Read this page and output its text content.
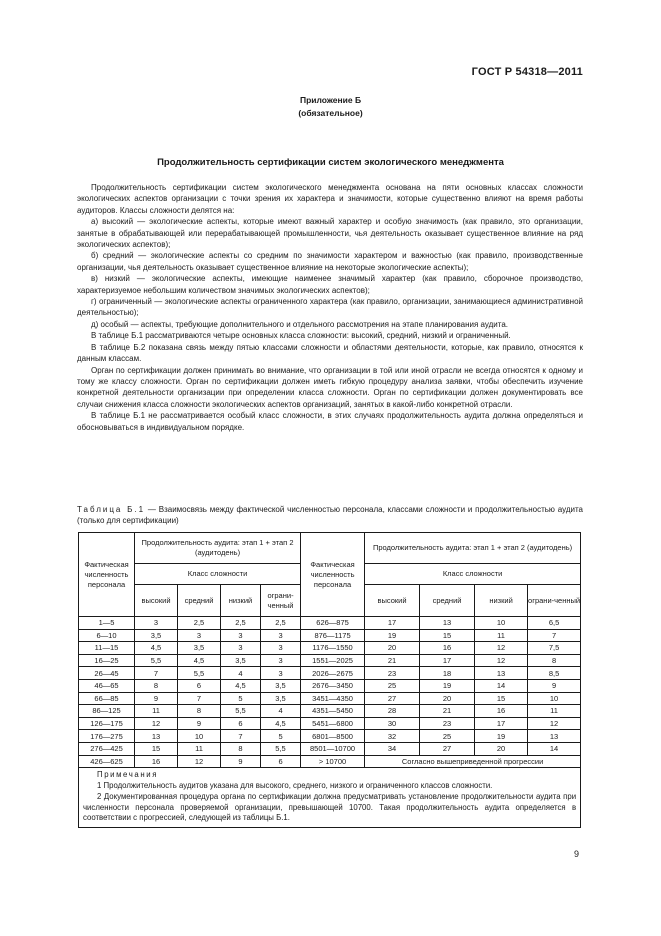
ГОСТ Р 54318—2011
Приложение Б
(обязательное)
Продолжительность сертификации систем экологического менеджмента

Продолжительность сертификации систем экологического менеджмента основана на пяти основных классах сложности экологических аспектов организации с точки зрения их характера и значимости, которые существенно влияют на время работы аудиторов. Классы сложности делятся на:

а) высокий — экологические аспекты, которые имеют важный характер и особую значимость (как правило, это организации, занятые в обрабатывающей или перерабатывающей промышленности, чья деятельность оказывает существенное влияние на ряд экологических аспектов);

б) средний — экологические аспекты со средним по значимости характером и важностью (как правило, производственные организации, чья деятельность оказывает существенное влияние на некоторые экологические аспекты);

в) низкий — экологические аспекты, имеющие наименее значимый характер (как правило, сборочное производство, характеризуемое небольшим количеством значимых экологических аспектов);

г) ограниченный — экологические аспекты ограниченного характера (как правило, организации, занимающиеся административной деятельностью);

д) особый — аспекты, требующие дополнительного и отдельного рассмотрения на этапе планирования аудита.

В таблице Б.1 рассматриваются четыре основных класса сложности: высокий, средний, низкий и ограниченный.

В таблице Б.2 показана связь между пятью классами сложности и областями деятельности, которые, как правило, относятся к данным классам.

Орган по сертификации должен принимать во внимание, что организации в той или иной отрасли не всегда относятся к одному и тому же классу сложности. Орган по сертификации должен иметь гибкую процедуру анализа заявки, чтобы обеспечить изучение конкретной деятельности организации при определении класса сложности. Орган по сертификации должен документировать все случаи снижения класса сложности экологических аспектов организаций, занятых в какой-либо конкретной отрасли.

В таблице Б.1 не рассматривается особый класс сложности, в этих случаях продолжительность аудита должна определяться и обосновываться в индивидуальном порядке.

Таблица Б.1 — Взаимосвязь между фактической численностью персонала, классами сложности и продолжительностью аудита (только для сертификации)
Фактическая численность персонала	Продолжительность аудита: этап 1 + этап 2 (аудитодень)				Фактическая численность персонала	Продолжительность аудита: этап 1 + этап 2 (аудитодень)			
	Класс сложности					Класс сложности			
	высокий	средний	низкий	ограни-ченный		высокий	средний	низкий	ограни-ченный
1—5	3	2,5	2,5	2,5	626—875	17	13	10	6,5
6—10	3,5	3	3	3	876—1175	19	15	11	7
11—15	4,5	3,5	3	3	1176—1550	20	16	12	7,5
16—25	5,5	4,5	3,5	3	1551—2025	21	17	12	8
26—45	7	5,5	4	3	2026—2675	23	18	13	8,5
46—65	8	6	4,5	3,5	2676—3450	25	19	14	9
66—85	9	7	5	3,5	3451—4350	27	20	15	10
86—125	11	8	5,5	4	4351—5450	28	21	16	11
126—175	12	9	6	4,5	5451—6800	30	23	17	12
176—275	13	10	7	5	6801—8500	32	25	19	13
276—425	15	11	8	5,5	8501—10700	34	27	20	14
426—625	16	12	9	6	> 10700	Согласно вышеприведенной прогрессии			

Примечания

1 Продолжительность аудитов указана для высокого, среднего, низкого и ограниченного классов сложности.

2 Документированная процедура органа по сертификации должна предусматривать установление продолжительности аудита при численности персонала проверяемой организации, превышающей 10700. Такая продолжительность аудита определяется в соответствии с прогрессией, следующей из таблицы Б.1.									

9
